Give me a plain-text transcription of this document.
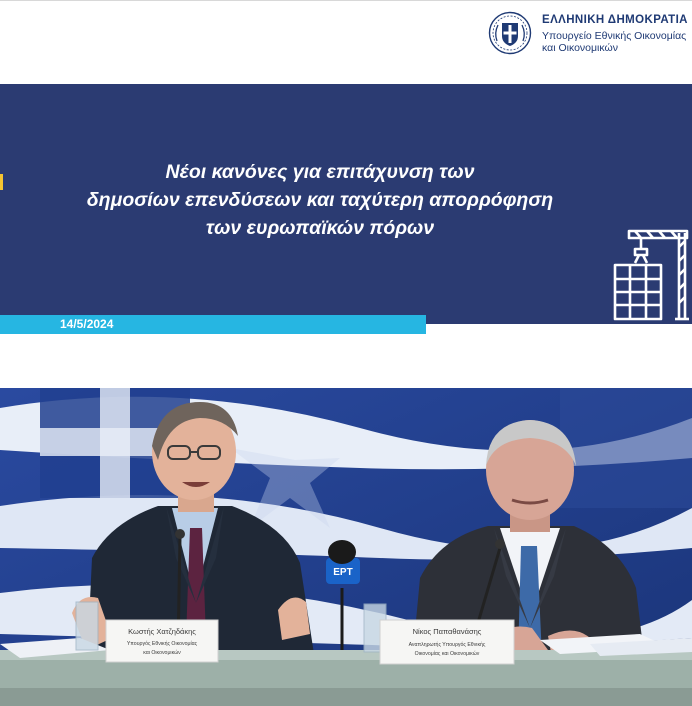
ΕΛΛΗΝΙΚΗ ΔΗΜΟΚΡΑΤΙΑ
Υπουργείο Εθνικής Οικονομίας
και Οικονομικών
Νέοι κανόνες για επιτάχυνση των
δημοσίων επενδύσεων και ταχύτερη απορρόφηση
των ευρωπαϊκών πόρων
14/5/2024
ΕΡΤ
Κωστής Χατζηδάκης
Υπουργός Εθνικής Οικονομίας
και Οικονομικών
Νίκος Παπαθανάσης
Αναπληρωτής Υπουργός Εθνικής
Οικονομίας και Οικονομικών
